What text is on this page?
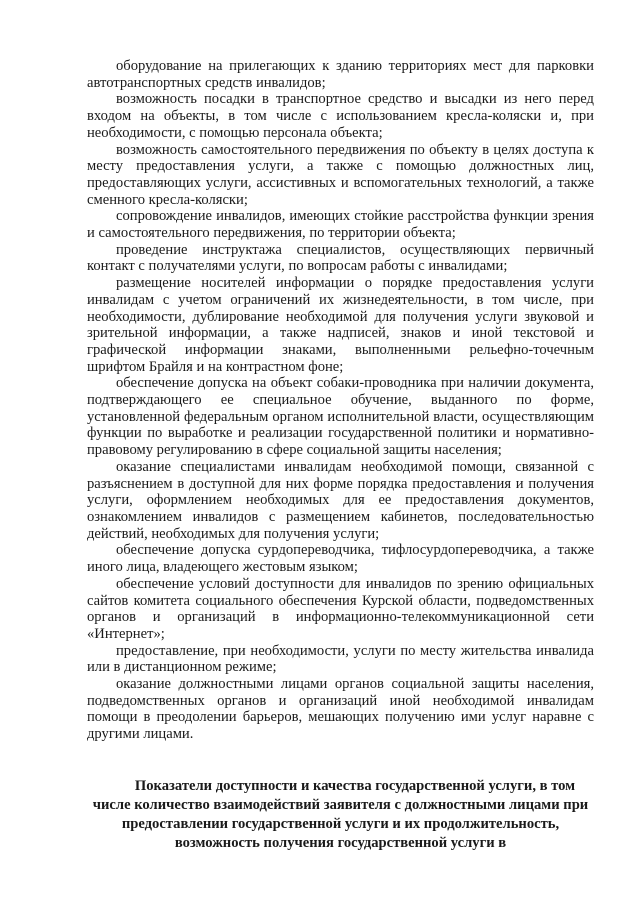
оборудование на прилегающих к зданию территориях мест для парковки автотранспортных средств инвалидов;

возможность посадки в транспортное средство и высадки из него перед входом на объекты, в том числе с использованием кресла-коляски и, при необходимости, с помощью персонала объекта;

возможность самостоятельного передвижения по объекту в целях доступа к месту предоставления услуги, а также с помощью должностных лиц, предоставляющих услуги, ассистивных и вспомогательных технологий, а также сменного кресла-коляски;

сопровождение инвалидов, имеющих стойкие расстройства функции зрения и самостоятельного передвижения, по территории объекта;

проведение инструктажа специалистов, осуществляющих первичный контакт с получателями услуги, по вопросам работы с инвалидами;

размещение носителей информации о порядке предоставления услуги инвалидам с учетом ограничений их жизнедеятельности, в том числе, при необходимости, дублирование необходимой для получения услуги звуковой и зрительной информации, а также надписей, знаков и иной текстовой и графической информации знаками, выполненными рельефно-точечным шрифтом Брайля и на контрастном фоне;

обеспечение допуска на объект собаки-проводника при наличии документа, подтверждающего ее специальное обучение, выданного по форме, установленной федеральным органом исполнительной власти, осуществляющим функции по выработке и реализации государственной политики и нормативно-правовому регулированию в сфере социальной защиты населения;

оказание специалистами инвалидам необходимой помощи, связанной с разъяснением в доступной для них форме порядка предоставления и получения услуги, оформлением необходимых для ее предоставления документов, ознакомлением инвалидов с размещением кабинетов, последовательностью действий, необходимых для получения услуги;

обеспечение допуска сурдопереводчика, тифлосурдопереводчика, а также иного лица, владеющего жестовым языком;

обеспечение условий доступности для инвалидов по зрению официальных сайтов комитета социального обеспечения Курской области, подведомственных органов и организаций в информационно-телекоммуникационной сети «Интернет»;

предоставление, при необходимости, услуги по месту жительства инвалида или в дистанционном режиме;

оказание должностными лицами органов социальной защиты населения, подведомственных органов и организаций иной необходимой инвалидам помощи в преодолении барьеров, мешающих получению ими услуг наравне с другими лицами.

Показатели доступности и качества государственной услуги, в том числе количество взаимодействий заявителя с должностными лицами при предоставлении государственной услуги и их продолжительность, возможность получения государственной услуги в
